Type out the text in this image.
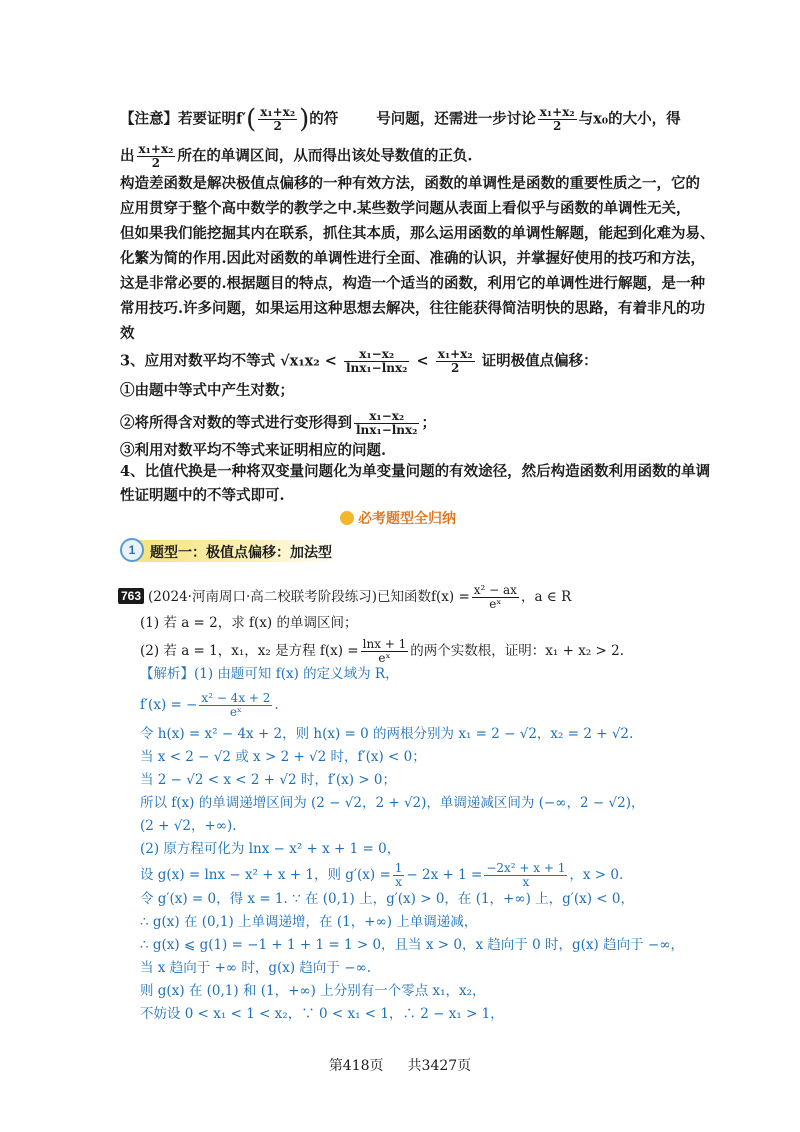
【注意】若要证明$f'( \frac{\text{x₁+x₂}}{2}$ )的符	号问题，还需进一步讨论 $\frac{\text{x₁+x₂}}{2}$ 与x₀的大小，得
出 $\frac{\text{x₁+x₂}}{2}$ 所在的单调区间，从而得出该处导数值的正负.
构造差函数是解决极值点偏移的一种有效方法，函数的单调性是函数的重要性质之一，它的
应用贯穿于整个高中数学的教学之中.某些数学问题从表面上看似乎与函数的单调性无关，
但如果我们能挖掘其内在联系，抓住其本质，那么运用函数的单调性解题，能起到化难为易、
化繁为简的作用.因此对函数的单调性进行全面、准确的认识，并掌握好使用的技巧和方法，
这是非常必要的.根据题目的特点，构造一个适当的函数，利用它的单调性进行解题，是一种
常用技巧.许多问题，如果运用这种思想去解决，往往能获得简洁明快的思路，有着非凡的功
效
3、应用对数平均不等式 $√x_1x_2 < \frac{\text{x₁−x₂}}{\text{lnx₁−lnx₂}} < \frac{\text{x₁+x₂}}{2}$ 证明极值点偏移：
①由题中等式中产生对数；
②将所得含对数的等式进行变形得到 $\frac{\text{x₁−x₂}}{\text{lnx₁−lnx₂}}$ ；
③利用对数平均不等式来证明相应的问题.
4、比值代换是一种将双变量问题化为单变量问题的有效途径，然后构造函数利用函数的单调
性证明题中的不等式即可.
必考题型全归纳
1	题型一：极值点偏移：加法型
763 (2024·河南周口·高二校联考阶段练习)已知函数$f(x) = \frac{\text{x² − ax}}{\text{eˣ}}$ ，a ∈ R
(1) 若 a = 2，求 f(x) 的单调区间；
(2) 若 a = 1，x₁，x₂ 是方程 $f(x) = \frac{\ln x + 1}{\text{eˣ}}$ 的两个实数根，证明：x₁ + x₂ > 2.
【解析】(1) 由题可知 f(x) 的定义域为 R，
f′(x) = − $\frac{\text{x² − 4x + 2}}{\text{eˣ}}$ .
令 h(x) = x² − 4x + 2，则 h(x) = 0 的两根分别为 x₁ = 2 − √2，x₂ = 2 + √2.
当 x < 2 − √2 或 x > 2 + √2 时，f′(x) < 0；
当 2 − √2 < x < 2 + √2 时，f′(x) > 0；
所以 f(x) 的单调递增区间为 (2 − √2，2 + √2)，单调递减区间为 (−∞，2 − √2)，
(2 + √2，+∞).
(2) 原方程可化为 lnx − x² + x + 1 = 0，
设 g(x) = lnx − x² + x + 1，则 $g'(x) = \frac{1}{x} - 2x + 1 = \frac{\text{−2x² + x + 1}}{x}$ ，x > 0.
令 g′(x) = 0，得 x = 1. ∵ 在 (0,1) 上，g′(x) > 0，在 (1，+∞) 上，g′(x) < 0，
∴ g(x) 在 (0,1) 上单调递增，在 (1，+∞) 上单调递减，
∴ g(x) ⩽ g(1) = −1 + 1 + 1 = 1 > 0，且当 x > 0，x 趋向于 0 时，g(x) 趋向于 −∞，
当 x 趋向于 +∞ 时，g(x) 趋向于 −∞.
则 g(x) 在 (0,1) 和 (1，+∞) 上分别有一个零点 x₁，x₂，
不妨设 0 < x₁ < 1 < x₂，∵ 0 < x₁ < 1，∴ 2 − x₁ > 1，
第418页 共3427页
